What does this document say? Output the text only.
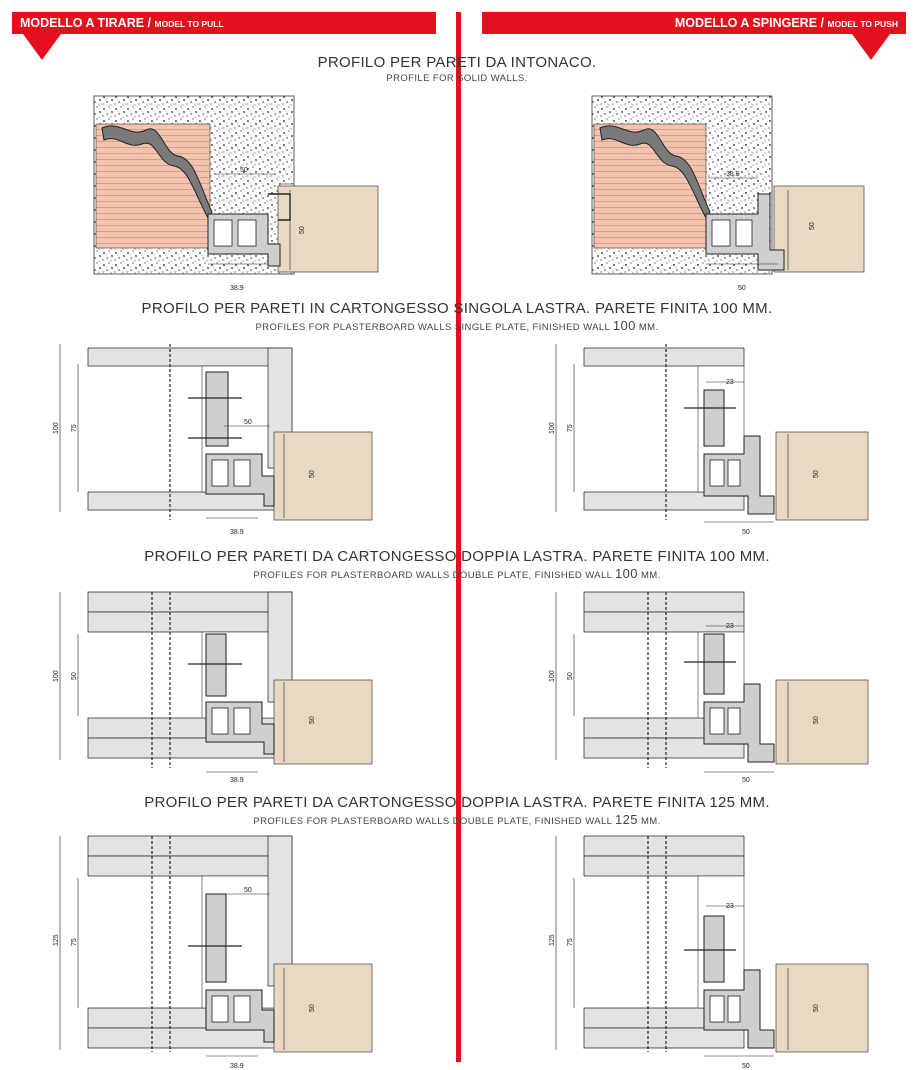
MODELLO A TIRARE / MODEL TO PULL	MODELLO A SPINGERE / MODEL TO PUSH
PROFILO PER PARETI DA INTONACO.
PROFILE FOR SOLID WALLS.
PROFILO PER PARETI IN CARTONGESSO SINGOLA LASTRA. PARETE FINITA 100 MM.
PROFILES FOR PLASTERBOARD WALLS SINGLE PLATE, FINISHED WALL 100 MM.
PROFILO PER PARETI DA CARTONGESSO DOPPIA LASTRA. PARETE FINITA 100 MM.
PROFILES FOR PLASTERBOARD WALLS DOUBLE PLATE, FINISHED WALL 100 MM.
PROFILO PER PARETI DA CARTONGESSO DOPPIA LASTRA. PARETE FINITA 125 MM.
PROFILES FOR PLASTERBOARD WALLS DOUBLE PLATE, FINISHED WALL 125 MM.
50
38.9
50
38.9
50
50
100 75
50
38.9
50
100 75
23
50
50
100 50
38.9
50
100 50
23
50
50
125 75
50
38.9
50
125 75
23
50
50
